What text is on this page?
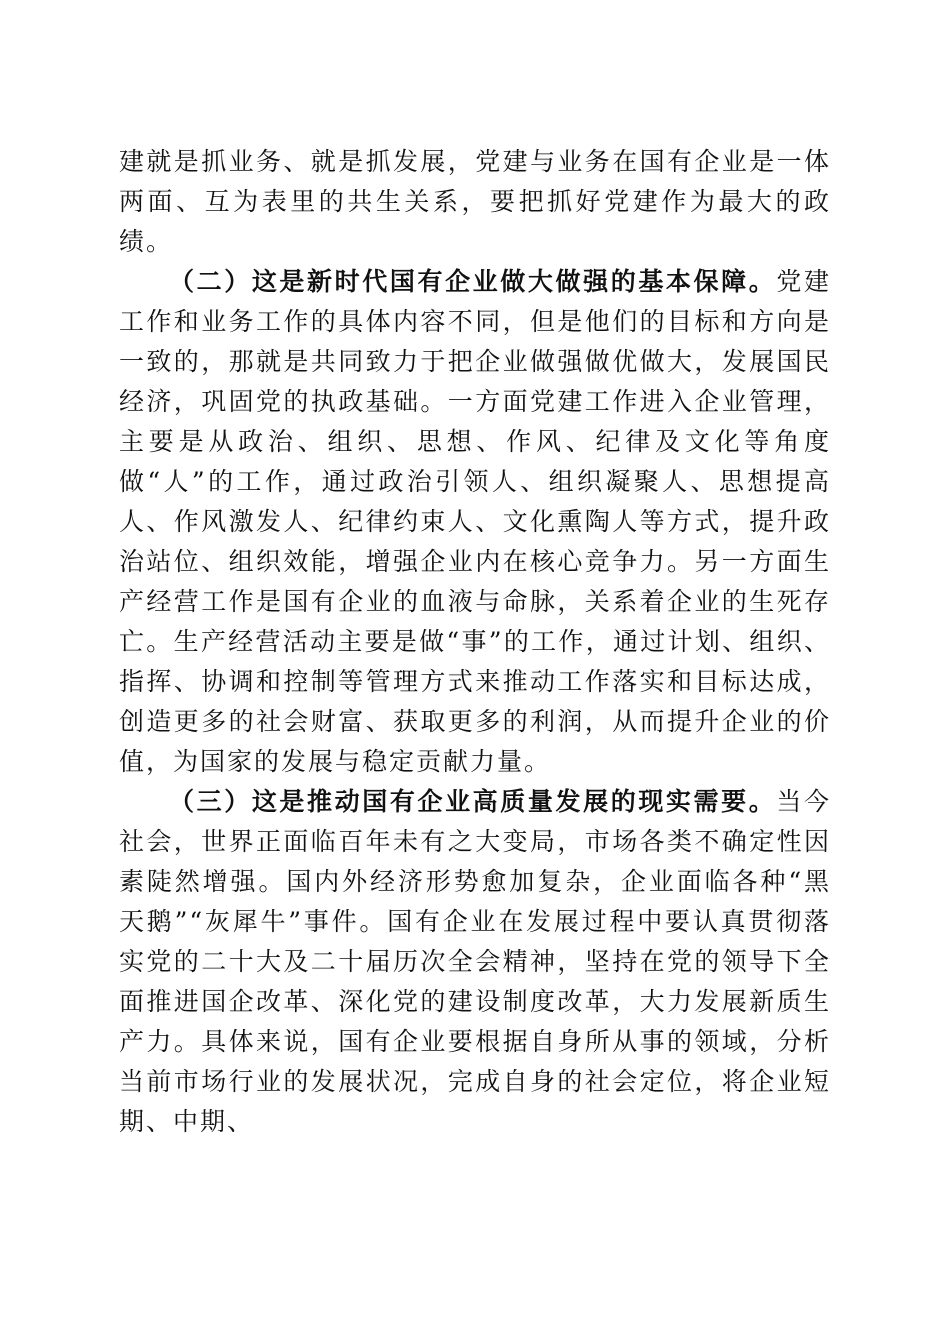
建就是抓业务、就是抓发展，党建与业务在国有企业是一体两面、互为表里的共生关系，要把抓好党建作为最大的政绩。

（二）这是新时代国有企业做大做强的基本保障。党建工作和业务工作的具体内容不同，但是他们的目标和方向是一致的，那就是共同致力于把企业做强做优做大，发展国民经济，巩固党的执政基础。一方面党建工作进入企业管理，主要是从政治、组织、思想、作风、纪律及文化等角度做“人”的工作，通过政治引领人、组织凝聚人、思想提高人、作风激发人、纪律约束人、文化熏陶人等方式，提升政治站位、组织效能，增强企业内在核心竞争力。另一方面生产经营工作是国有企业的血液与命脉，关系着企业的生死存亡。生产经营活动主要是做“事”的工作，通过计划、组织、指挥、协调和控制等管理方式来推动工作落实和目标达成，创造更多的社会财富、获取更多的利润，从而提升企业的价值，为国家的发展与稳定贡献力量。

（三）这是推动国有企业高质量发展的现实需要。当今社会，世界正面临百年未有之大变局，市场各类不确定性因素陡然增强。国内外经济形势愈加复杂，企业面临各种“黑天鹅”“灰犀牛”事件。国有企业在发展过程中要认真贯彻落实党的二十大及二十届历次全会精神，坚持在党的领导下全面推进国企改革、深化党的建设制度改革，大力发展新质生产力。具体来说，国有企业要根据自身所从事的领域，分析当前市场行业的发展状况，完成自身的社会定位，将企业短期、中期、
